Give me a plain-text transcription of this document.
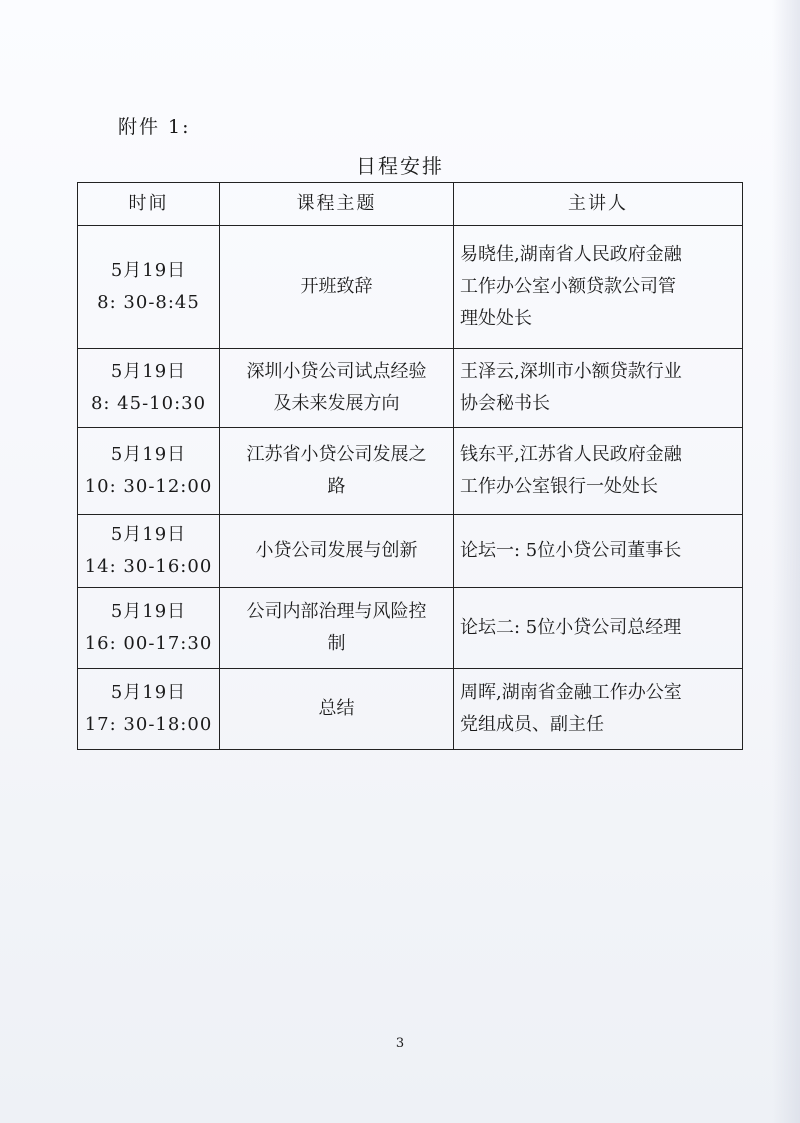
附件 1:
日程安排
时间	课程主题	主讲人

5月19日
8: 30-8:45	开班致辞	易晓佳,湖南省人民政府金融
工作办公室小额贷款公司管
理处处长

5月19日
8: 45-10:30	深圳小贷公司试点经验
及未来发展方向	王泽云,深圳市小额贷款行业
协会秘书长

5月19日
10: 30-12:00	江苏省小贷公司发展之
路	钱东平,江苏省人民政府金融
工作办公室银行一处处长

5月19日
14: 30-16:00	小贷公司发展与创新	论坛一: 5位小贷公司董事长

5月19日
16: 00-17:30	公司内部治理与风险控
制	论坛二: 5位小贷公司总经理

5月19日
17: 30-18:00	总结	周晖,湖南省金融工作办公室
党组成员、副主任
3
